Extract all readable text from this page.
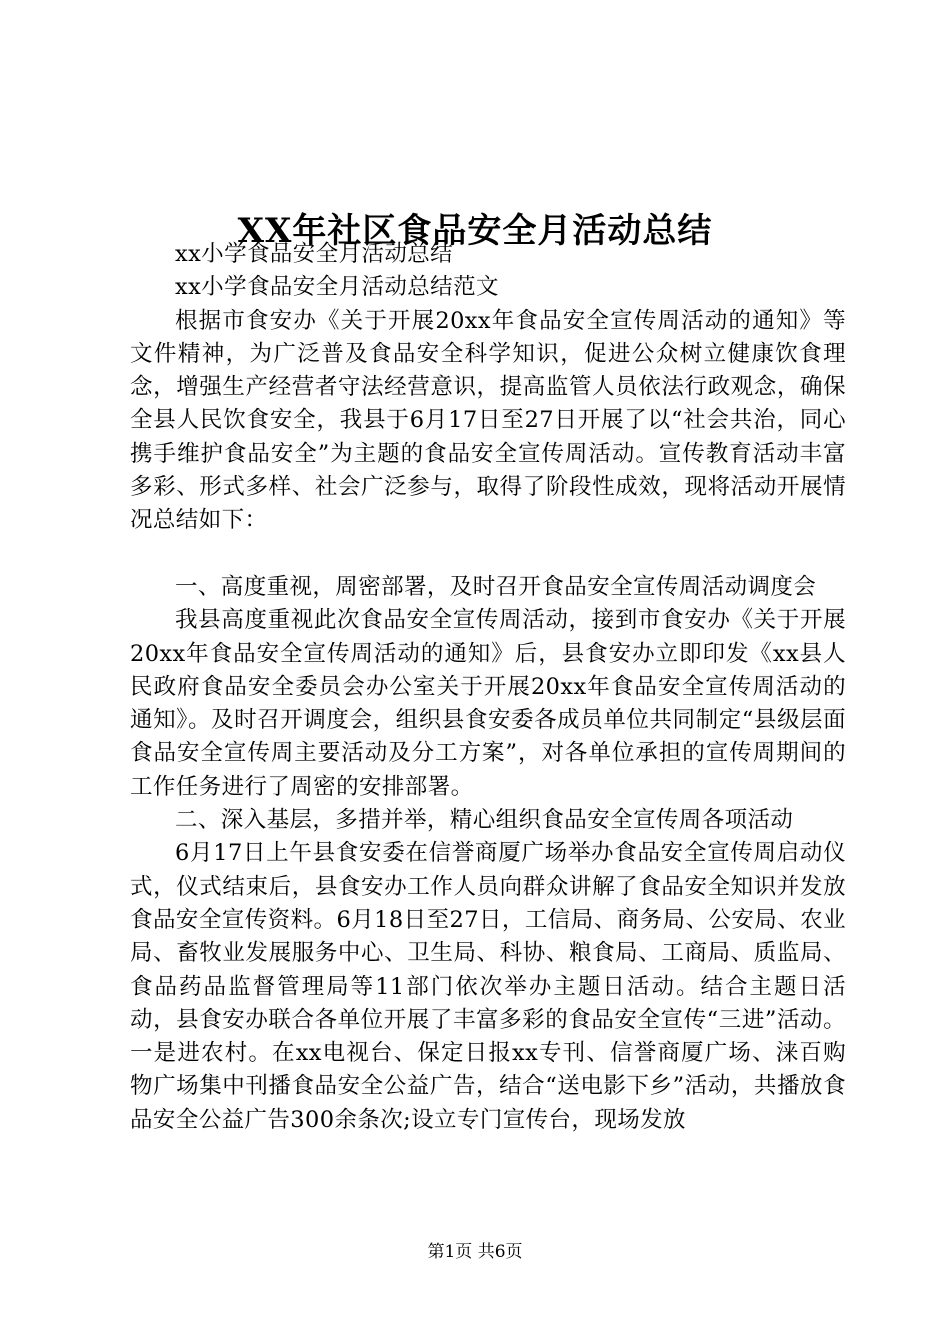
XX年社区食品安全月活动总结

xx小学食品安全月活动总结

xx小学食品安全月活动总结范文

根据市食安办《关于开展20xx年食品安全宣传周活动的通知》等文件精神，为广泛普及食品安全科学知识，促进公众树立健康饮食理念，增强生产经营者守法经营意识，提高监管人员依法行政观念，确保全县人民饮食安全，我县于6月17日至27日开展了以“社会共治，同心携手维护食品安全”为主题的食品安全宣传周活动。宣传教育活动丰富多彩、形式多样、社会广泛参与，取得了阶段性成效，现将活动开展情况总结如下：

一、高度重视，周密部署，及时召开食品安全宣传周活动调度会

我县高度重视此次食品安全宣传周活动，接到市食安办《关于开展20xx年食品安全宣传周活动的通知》后，县食安办立即印发《xx县人民政府食品安全委员会办公室关于开展20xx年食品安全宣传周活动的通知》。及时召开调度会，组织县食安委各成员单位共同制定“县级层面食品安全宣传周主要活动及分工方案”，对各单位承担的宣传周期间的工作任务进行了周密的安排部署。

二、深入基层，多措并举，精心组织食品安全宣传周各项活动

6月17日上午县食安委在信誉商厦广场举办食品安全宣传周启动仪式，仪式结束后，县食安办工作人员向群众讲解了食品安全知识并发放食品安全宣传资料。6月18日至27日，工信局、商务局、公安局、农业局、畜牧业发展服务中心、卫生局、科协、粮食局、工商局、质监局、食品药品监督管理局等11部门依次举办主题日活动。结合主题日活动，县食安办联合各单位开展了丰富多彩的食品安全宣传“三进”活动。一是进农村。在xx电视台、保定日报xx专刊、信誉商厦广场、涞百购物广场集中刊播食品安全公益广告，结合“送电影下乡”活动，共播放食品安全公益广告300余条次;设立专门宣传台，现场发放

第1页 共6页
